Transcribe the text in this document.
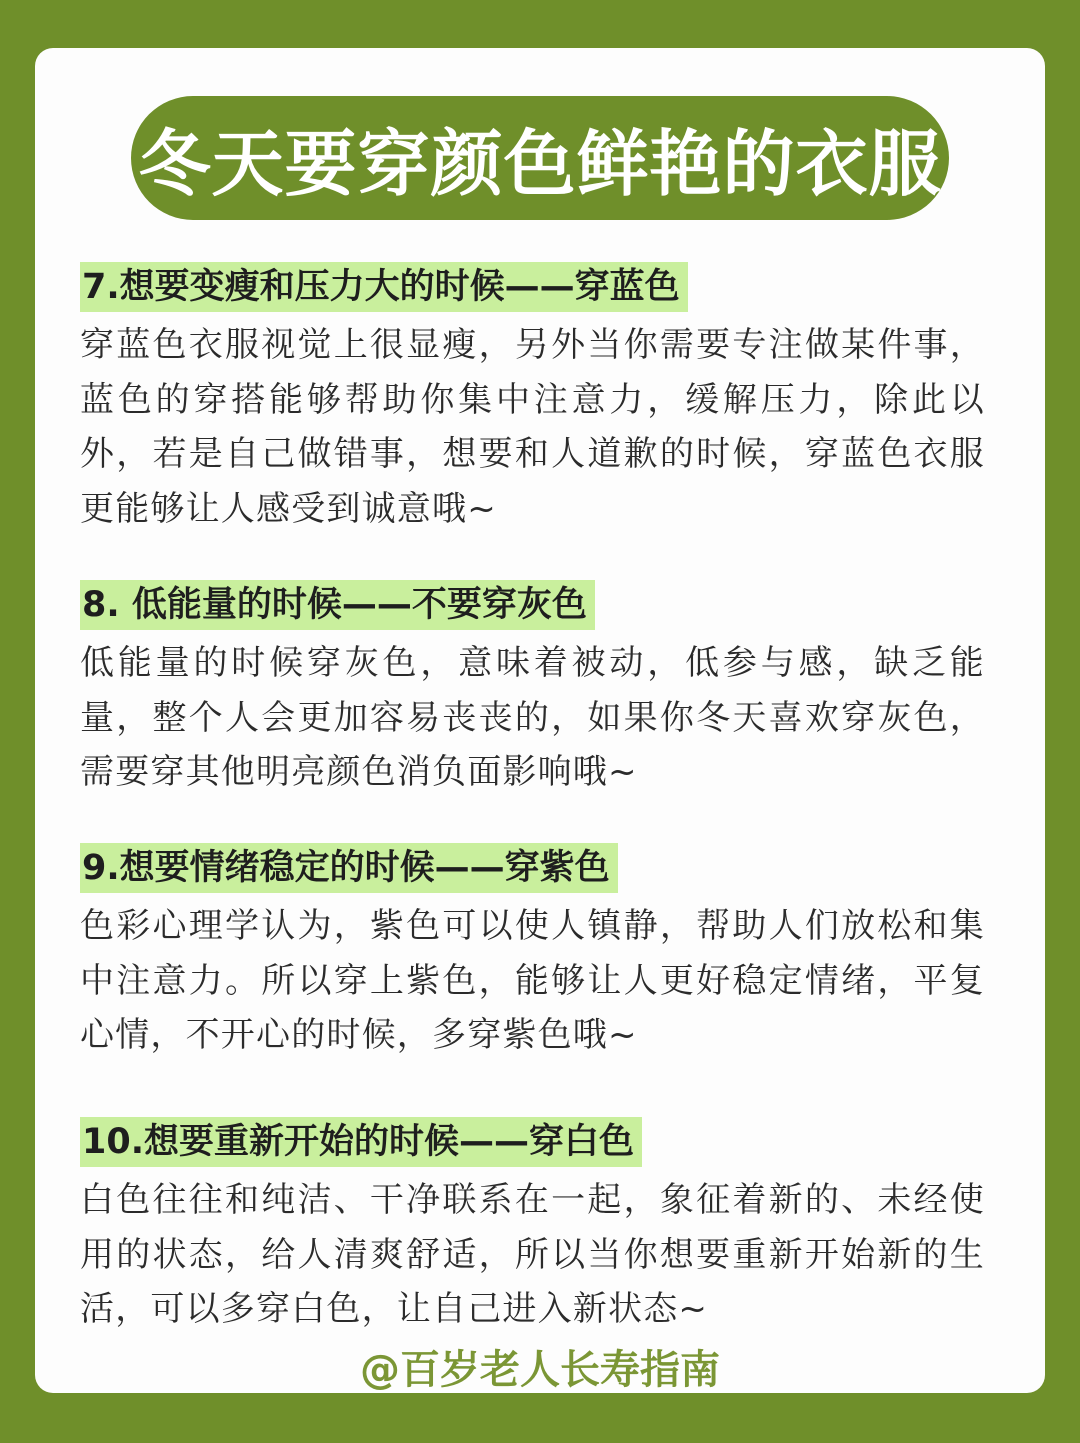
冬天要穿颜色鲜艳的衣服
7.想要变瘦和压力大的时候——穿蓝色

穿蓝色衣服视觉上很显瘦，另外当你需要专注做某件事，蓝色的穿搭能够帮助你集中注意力，缓解压力，除此以外，若是自己做错事，想要和人道歉的时候，穿蓝色衣服更能够让人感受到诚意哦~

8. 低能量的时候——不要穿灰色

低能量的时候穿灰色，意味着被动，低参与感，缺乏能量，整个人会更加容易丧丧的，如果你冬天喜欢穿灰色，需要穿其他明亮颜色消负面影响哦~

9.想要情绪稳定的时候——穿紫色

色彩心理学认为，紫色可以使人镇静，帮助人们放松和集中注意力。所以穿上紫色，能够让人更好稳定情绪，平复心情，不开心的时候，多穿紫色哦~

10.想要重新开始的时候——穿白色

白色往往和纯洁、干净联系在一起，象征着新的、未经使用的状态，给人清爽舒适，所以当你想要重新开始新的生活，可以多穿白色，让自己进入新状态~

@百岁老人长寿指南
